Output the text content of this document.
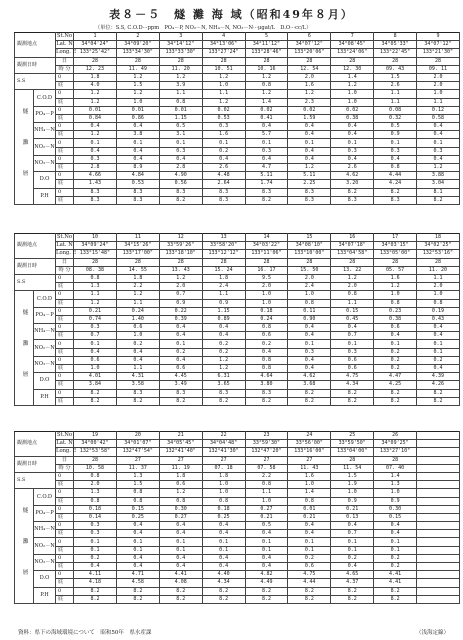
表８－５　燧 灘 海 域（昭和49年８月）
（単位：S.S, C.O.D···ppm　PO₄－P, NO₂－N, NH₄－N, NO₃－N···μgat/L　D.O···cc/L）
観測地点		St.No	1	2	3	4	5	6	7	8	9
		Lat. N	34°04'24"	34°09'20"	34°14'12"	34°13'06"	34°11'12"	34°07'12"	34°08'45"	34°05'33"	34°07'12"
		Long. E	133°25'42"	133°34'30"	133°33'30"	133°27'24"	133°28'46"	133°20'06"	133°24'06"	133°22'45"	133°21'30"
観測日時		日	28	28	28	28	28	28	28	28	28
		時 分	12. 23	11. 49	11. 20	10. 51	10. 16	12. 54	12. 30	09. 43	09. 11
S.S		0	1.8	1.2	1.2	1.2	1.2	2.0	1.4	1.5	2.0
		底	4.0	1.5	3.9	1.0	0.8	1.6	1.2	2.6	2.0
燧　灘　層	C.O.D	0	1.2	1.2	1.1	1.1	1.2	1.2	1.0	1.1	1.0
		底	1.2	1.0	0.8	1.2	1.4	2.3	1.0	1.1	1.1
	PO₄－P	0	0.01	0.01	0.01	0.02	0.02	0.02	0.02	0.08	0.12
		底	0.84	0.86	1.15	0.53	0.41	1.59	0.38	0.32	0.58
	NH₄－N	0	0.4	0.4	0.5	0.3	0.4	0.4	0.4	0.5	0.4
		底	1.2	3.8	3.1	1.6	5.7	0.4	0.4	0.9	0.4
	NO₂－N	0	0.1	0.1	0.1	0.1	0.1	0.1	0.1	0.1	0.1
		底	0.4	0.4	0.3	0.2	0.3	0.4	0.3	0.3	0.3
	NO₃－N	0	0.3	0.4	0.4	0.4	0.4	0.4	0.4	0.4	0.4
		底	2.8	8.9	2.8	2.6	4.7	1.2	2.6	0.8	1.2
	D.O	0	4.66	4.84	4.90	4.48	5.11	5.11	4.62	4.44	3.88
		底	1.43	0.53	0.56	2.64	1.74	2.25	3.20	4.24	3.04
	P.H	0	8.3	8.3	8.3	8.3	8.3	8.3	8.2	8.2	8.1
		底	8.3	8.3	8.2	8.3	8.2	8.3	8.3	8.3	8.2
観測地点		St.No	10	11	12	13	14	15	16	17	18
		Lat. N	34°09'24"	34°15'26"	33°59'26"	33°58'20"	34°03'22"	34°08'10"	34°07'18"	34°03'15"	34°02'25"
		Long. E	133°15'48"	133°17'00"	133°18'10"	133°12'12"	133°11'06"	133°10'00"	133°04'58"	133°05'00"	132°53'16"
観測日時		日	28	28	28	28	28	28	28	28	28
		時 分	08. 38	14. 55	13. 43	15. 24	16. 17	15. 50	13. 22	05. 57	11. 20
S.S		0	0.8	1.8	1.2	1.8	9.5	2.0	1.2	1.6	1.1
		底	1.3	2.2	2.0	2.4	2.0	2.4	2.0	1.2	2.0
燧　灘　層	C.O.D	0	1.1	1.2	0.7	1.1	1.0	1.0	0.8	1.0	1.0
		底	1.2	1.1	0.9	0.9	1.0	0.8	1.1	0.8	0.8
	PO₄－P	0	0.21	0.24	0.22	1.15	0.18	0.11	0.15	0.23	0.19
		底	0.74	1.40	0.39	0.89	0.24	0.90	0.45	0.38	0.43
	NH₄－N	0	0.3	0.6	0.4	0.4	0.8	0.4	0.4	0.6	0.4
		底	0.7	1.0	0.4	0.4	0.6	0.4	0.7	0.4	0.4
	NO₂－N	0	0.1	0.2	0.1	0.2	0.2	0.1	0.1	0.1	0.1
		底	0.4	0.4	0.2	0.2	0.4	0.3	0.3	0.2	0.1
	NO₃－N	0	0.6	0.4	0.4	1.2	0.8	0.4	0.6	0.2	0.2
		底	1.0	1.1	0.6	1.2	0.8	0.4	0.6	0.2	0.4
	D.O	0	4.01	4.31	4.45	6.31	4.64	4.62	4.75	4.47	4.39
		底	3.84	3.58	3.49	3.65	3.80	3.68	4.34	4.25	4.26
	P.H	0	8.2	8.3	8.3	8.3	8.3	8.2	8.2	8.2	8.2
		底	8.2	8.2	8.2	8.2	8.2	8.2	8.2	8.2	8.2
観測地点		St.No	19	20	21	22	23	24	25	26	
		Lat. N	34°00'42"	34°01'07"	34°05'45"	34°04'48"	33°59'30"	33°56'00"	33°59'50"	34°09'25"	
		Long. E	132°53'58"	132°47'54"	132°41'40"	132°41'30"	132°47'20"	133°16'00"	133°04'00"	133°27'10"	
観測日時		日	28	27	27	27	27	27	28	28	
		時 分	10. 58	11. 37	11. 19	07. 18	07. 58	11. 43	11. 54	07. 40	
S.S		0	0.8	1.3	1.8	1.8	2.2	1.6	1.5	1.4	
		底	2.0	1.5	0.6	1.0	0.8	1.0	1.9	1.3	
燧　灘　層	C.O.D	0	1.3	0.8	1.2	1.0	1.1	1.4	1.0	1.0	
		底	0.8	0.8	0.8	0.8	1.0	0.8	0.9	0.9	
	PO₄－P	0	0.18	0.15	0.30	0.18	0.27	0.01	0.21	0.30	
		底	0.14	0.25	0.27	0.25	0.21	0.21	0.13	0.15	
	NH₄－N	0	0.3	0.4	0.4	0.4	0.5	0.4	0.4	0.4	
		底	0.3	0.4	0.4	0.4	0.4	0.4	0.7	0.4	
	NO₂－N	0	0.1	0.1	0.1	0.1	0.1	0.1	0.1	0.1	
		底	0.1	0.1	0.1	0.1	0.1	0.1	0.1	0.1	
	NO₃－N	0	0.2	0.4	0.4	0.4	0.4	0.2	0.2	0.2	
		底	0.4	0.4	0.4	0.4	0.4	0.6	0.4	0.2	
	D.O	0	4.11	4.71	4.41	4.40	4.82	4.75	4.65	4.41	
		底	4.18	4.58	4.08	4.34	4.49	4.44	4.37	4.41	
	P.H	0	8.2	8.2	8.2	8.2	8.2	8.2	8.2	8.2	
		底	8.2	8.2	8.2	8.2	8.2	8.2	8.2	8.2	
資料：県下の海域環境について　昭和50年　県水産課	（浅海定線）
